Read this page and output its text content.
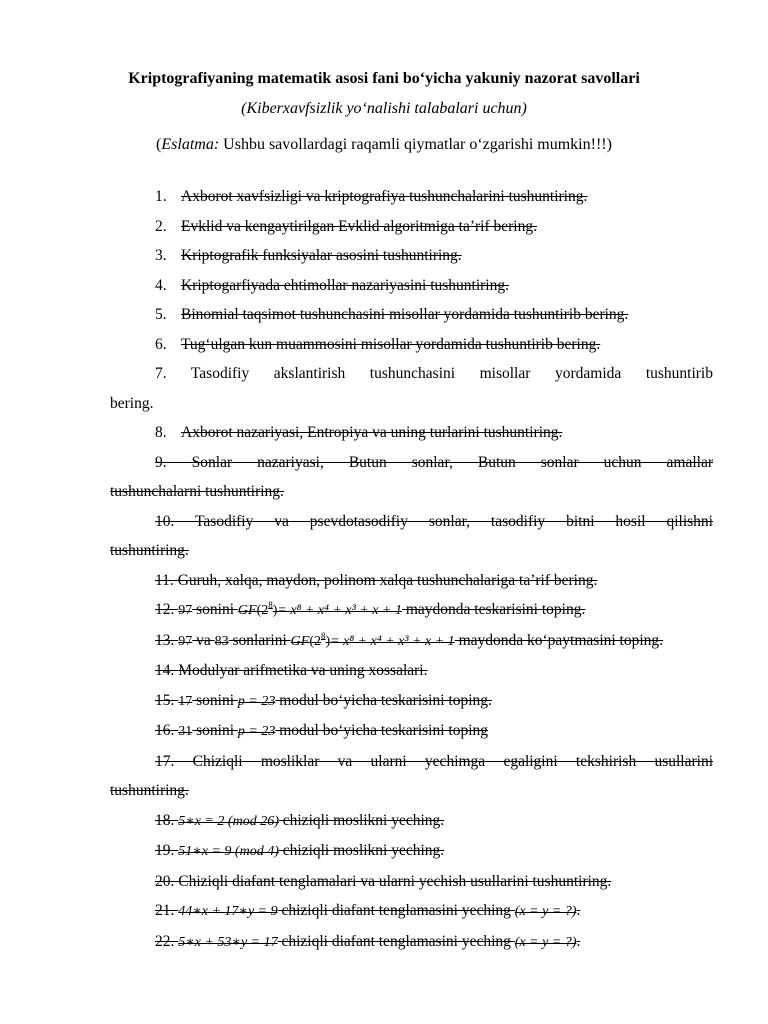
Kriptografiyaning matematik asosi fani bo‘yicha yakuniy nazorat savollari
(Kiberxavfsizlik yo‘nalishi talabalari uchun)
(Eslatma: Ushbu savollardagi raqamli qiymatlar o‘zgarishi mumkin!!!)
1. Axborot xavfsizligi va kriptografiya tushunchalarini tushuntiring.
2. Evklid va kengaytirilgan Evklid algoritmiga ta’rif bering.
3. Kriptografik funksiyalar asosini tushuntiring.
4. Kriptogarfiyada ehtimollar nazariyasini tushuntiring.
5. Binomial taqsimot tushunchasini misollar yordamida tushuntirib bering.
6. Tug‘ulgan kun muammosini misollar yordamida tushuntirib bering.
7. Tasodifiy akslantirish tushunchasini misollar yordamida tushuntirib
bering.
8. Axborot nazariyasi, Entropiya va uning turlarini tushuntiring.
9. Sonlar nazariyasi, Butun sonlar, Butun sonlar uchun amallar
tushunchalarni tushuntiring.
10. Tasodifiy va psevdotasodifiy sonlar, tasodifiy bitni hosil qilishni
tushuntiring.
11. Guruh, xalqa, maydon, polinom xalqa tushunchalariga ta’rif bering.
12. 97 sonini $GF(2^8)= x^8 + x^4 + x^3 + x + 1$ maydonda teskarisini toping.
13. 97 va 83 sonlarini $GF(2^8)= x^8 + x^4 + x^3 + x + 1$ maydonda ko‘paytmasini toping.
14. Modulyar arifmetika va uning xossalari.
15. 17 sonini p = 23 modul bo‘yicha teskarisini toping.
16. 31 sonini p = 23 modul bo‘yicha teskarisini toping
17. Chiziqli mosliklar va ularni yechimga egaligini tekshirish usullarini
tushuntiring.
18. 5∗x ≡ 2 (mod 26) chiziqli moslikni yeching.
19. 51∗x = 9 (mod 4) chiziqli moslikni yeching.
20. Chiziqli diafant tenglamalari va ularni yechish usullarini tushuntiring.
21. 44∗x + 17∗y = 9 chiziqli diafant tenglamasini yeching (x = y = ?).
22. 5∗x + 53∗y = 17 chiziqli diafant tenglamasini yeching (x = y = ?).
